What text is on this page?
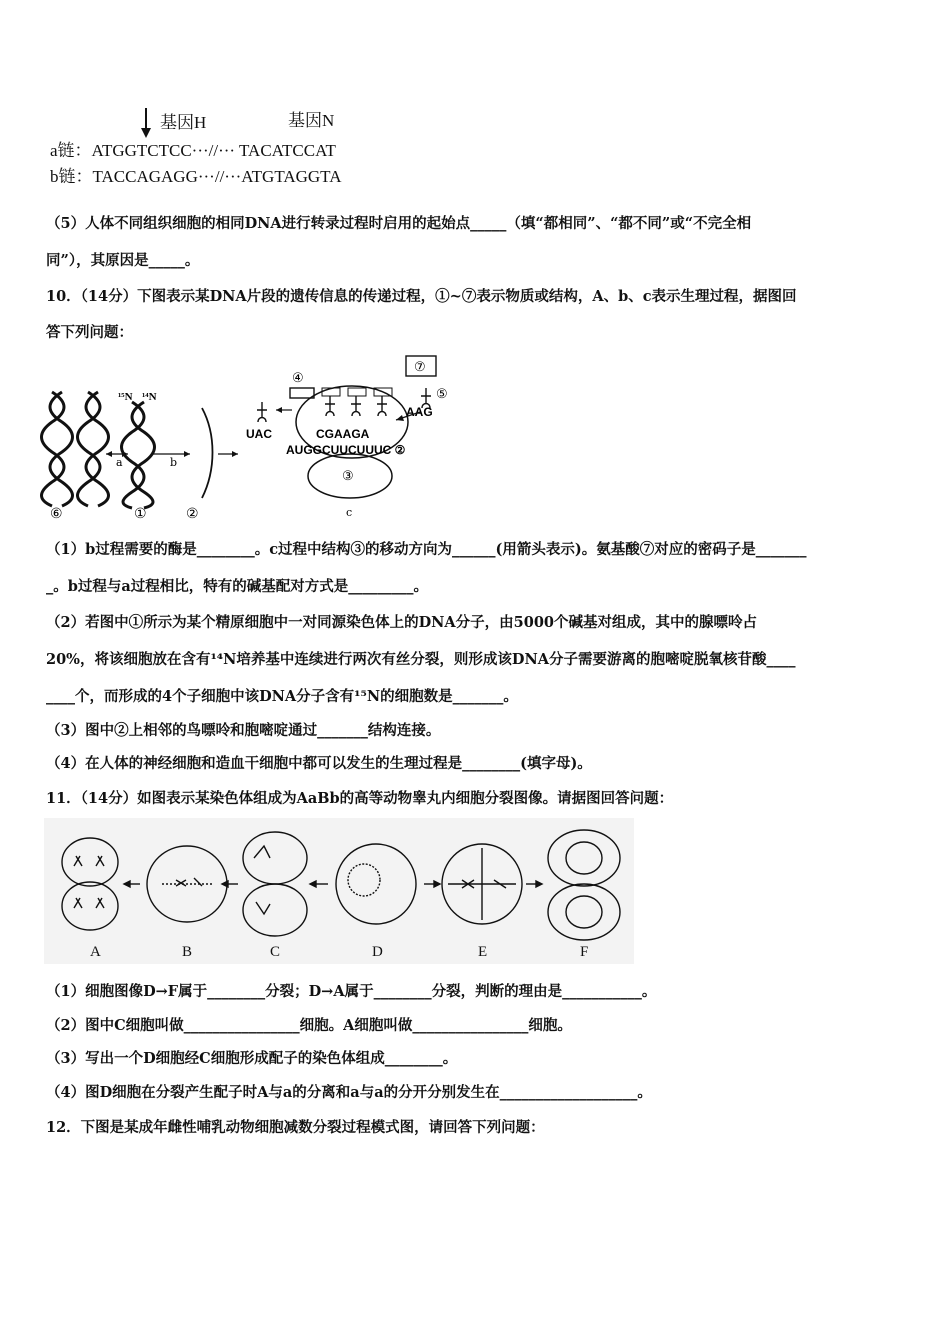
基因H	基因N
a链：ATGGTCTCC···//··· TACATCCAT
b链：TACCAGAGG···//···ATGTAGGTA
（5）人体不同组织细胞的相同DNA进行转录过程时启用的起始点_____（填“都相同”、“都不同”或“不完全相
同”），其原因是_____。
10．（14分）下图表示某DNA片段的遗传信息的传递过程，①~⑦表示物质或结构，A、b、c表示生理过程，据图回
答下列问题：
¹⁵N ¹⁴N
a	b
⑥	①	②
③
c
④
⑦
⑤
UAC
AAG
CGAAGA
AUGGCUUCUUUC ②
（1）b过程需要的酶是________。c过程中结构③的移动方向为______(用箭头表示)。氨基酸⑦对应的密码子是_______
_。b过程与a过程相比，特有的碱基配对方式是_________。
（2）若图中①所示为某个精原细胞中一对同源染色体上的DNA分子，由5000个碱基对组成，其中的腺嘌呤占
20%，将该细胞放在含有¹⁴N培养基中连续进行两次有丝分裂，则形成该DNA分子需要游离的胞嘧啶脱氧核苷酸____
____个，而形成的4个子细胞中该DNA分子含有¹⁵N的细胞数是_______。
（3）图中②上相邻的鸟嘌呤和胞嘧啶通过_______结构连接。
（4）在人体的神经细胞和造血干细胞中都可以发生的生理过程是________(填字母)。
11．（14分）如图表示某染色体组成为AaBb的高等动物睾丸内细胞分裂图像。请据图回答问题：
A	B	C	D	E	F
（1）细胞图像D→F属于________分裂；D→A属于________分裂，判断的理由是___________。
（2）图中C细胞叫做________________细胞。A细胞叫做________________细胞。
（3）写出一个D细胞经C细胞形成配子的染色体组成________。
（4）图D细胞在分裂产生配子时A与a的分离和a与a的分开分别发生在___________________。
12．下图是某成年雌性哺乳动物细胞减数分裂过程模式图，请回答下列问题：
